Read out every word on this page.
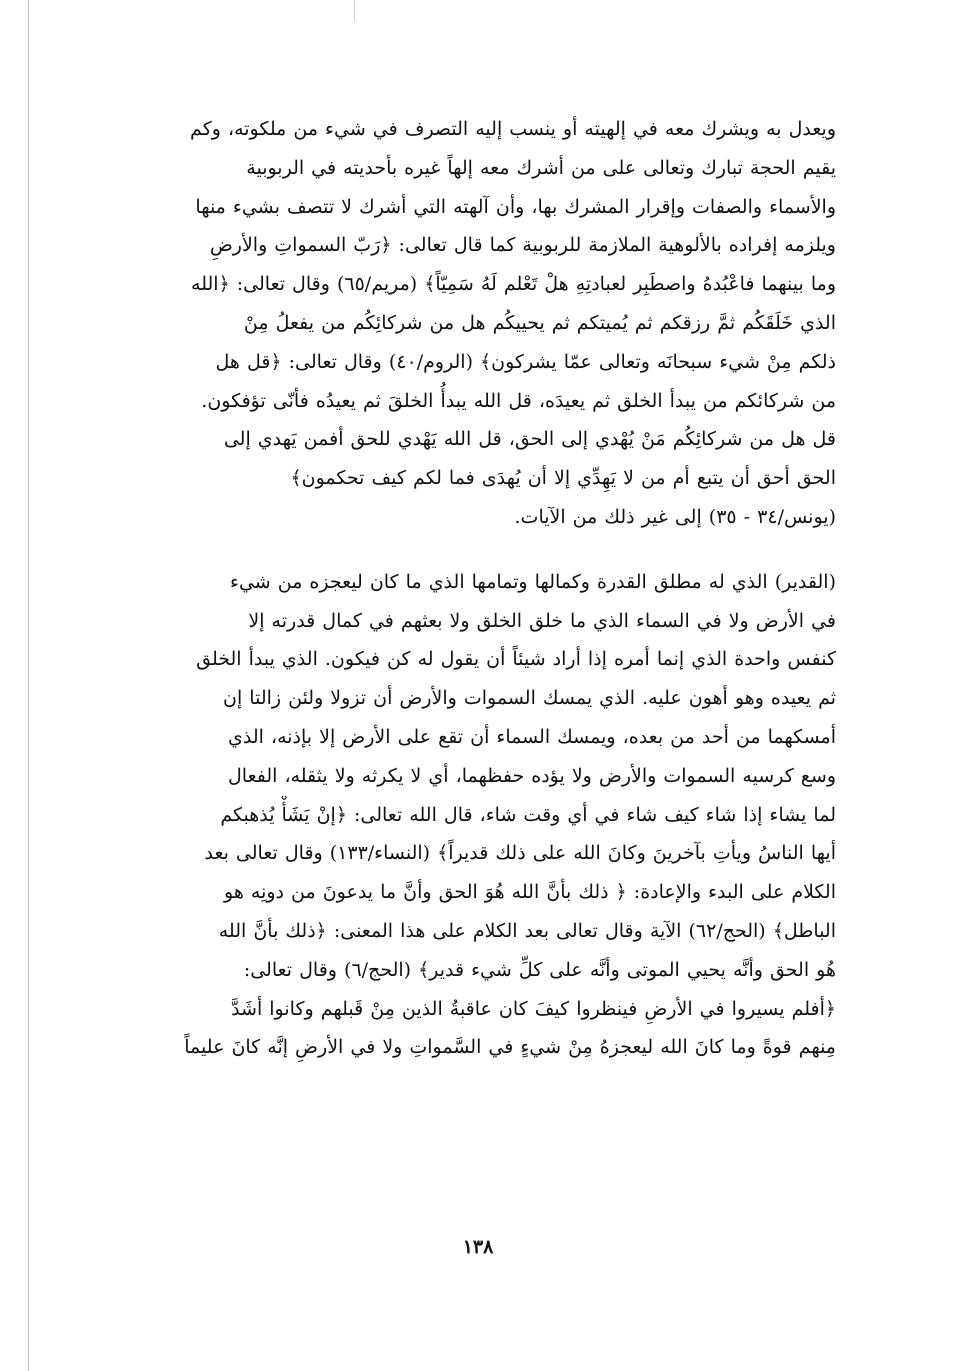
ويعدل به ويشرك معه في إلهيته أو ينسب إليه التصرف في شيء من ملكوته، وكم
يقيم الحجة تبارك وتعالى على من أشرك معه إلهاً غيره بأحديته في الربوبية
والأسماء والصفات وإقرار المشرك بها، وأن آلهته التي أشرك لا تتصف بشيء منها
ويلزمه إفراده بالألوهية الملازمة للربوبية كما قال تعالى: ﴿رَبّ السمواتِ والأرضِ
وما بينهما فاعْبُدهُ واصطَبِر لعبادتِهِ هلْ تَعْلم لَهُ سَمِيّاً﴾ (مريم/٦٥) وقال تعالى: ﴿الله
الذي خَلَقَكُم ثمَّ رزقكم ثم يُميتكم ثم يحييكُم هل من شركائِكُم من يفعلُ مِنْ
ذلكم مِنْ شيء سبحانَه وتعالى عمّا يشركون﴾ (الروم/٤٠) وقال تعالى: ﴿قل هل
من شركائكم من يبدأ الخلق ثم يعيدَه، قل الله يبدأُ الخلقَ ثم يعيدُه فأنّى تؤفكون.
قل هل من شركائِكُم مَنْ يُهْدي إلى الحق، قل الله يَهْدي للحق أفمن يَهدي إلى
الحق أحق أن يتبع أم من لا يَهِدِّي إلا أن يُهدَى فما لكم كيف تحكمون﴾
(يونس/٣٤ - ٣٥) إلى غير ذلك من الآيات.

(القدير) الذي له مطلق القدرة وكمالها وتمامها الذي ما كان ليعجزه من شيء
في الأرض ولا في السماء الذي ما خلق الخلق ولا بعثهم في كمال قدرته إلا
كنفس واحدة الذي إنما أمره إذا أراد شيئاً أن يقول له كن فيكون. الذي يبدأ الخلق
ثم يعيده وهو أهون عليه. الذي يمسك السموات والأرض أن تزولا ولئن زالتا إن
أمسكهما من أحد من بعده، ويمسك السماء أن تقع على الأرض إلا بإذنه، الذي
وسع كرسيه السموات والأرض ولا يؤده حفظهما، أي لا يكرثه ولا يثقله، الفعال
لما يشاء إذا شاء كيف شاء في أي وقت شاء، قال الله تعالى: ﴿إنْ يَشَأْ يُذهبكم
أيها الناسُ ويأتِ بآخرينَ وكانَ الله على ذلك قديراً﴾ (النساء/١٣٣) وقال تعالى بعد
الكلام على البدء والإعادة: ﴿ ذلك بأنَّ الله هُوَ الحق وأنَّ ما يدعونَ من دونِه هو
الباطل﴾ (الحج/٦٢) الآية وقال تعالى بعد الكلام على هذا المعنى: ﴿ذلك بأنَّ الله
هُو الحق وأنَّه يحيي الموتى وأنَّه على كلِّ شيء قدير﴾ (الحج/٦) وقال تعالى:
﴿أفلم يسيروا في الأرضِ فينظروا كيفَ كان عاقبةُ الذين مِنْ قَبلهم وكانوا أشَدَّ
مِنهم قوةً وما كانَ الله ليعجزهُ مِنْ شيءٍ في السَّمواتِ ولا في الأرضِ إنَّه كانَ عليماً

١٣٨
